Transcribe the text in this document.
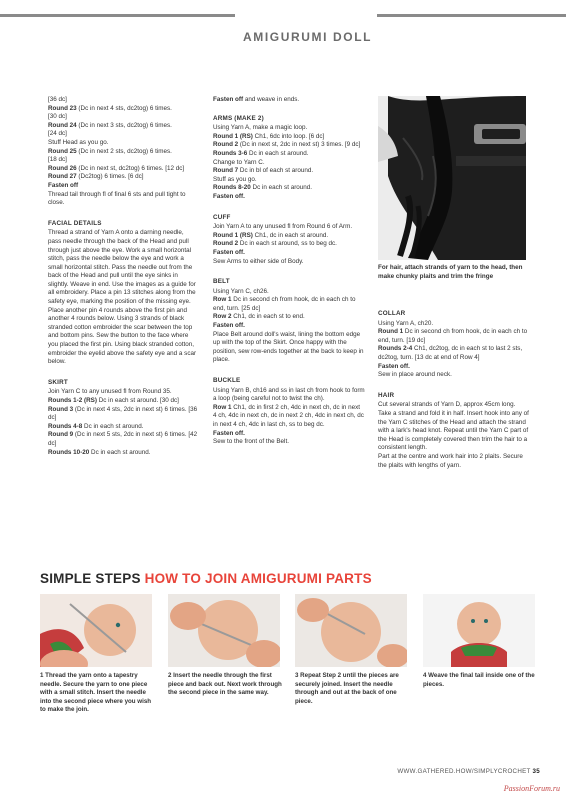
AMIGURUMI DOLL

[36 dc]

Round 23 (Dc in next 4 sts, dc2tog) 6 times.

[30 dc]

Round 24 (Dc in next 3 sts, dc2tog) 6 times.

[24 dc]

Stuff Head as you go.

Round 25 (Dc in next 2 sts, dc2tog) 6 times.

[18 dc]

Round 26 (Dc in next st, dc2tog) 6 times. [12 dc]

Round 27 (Dc2tog) 6 times. [6 dc]

Fasten off

Thread tail through fl of final 6 sts and pull tight to close.

FACIAL DETAILS

Thread a strand of Yarn A onto a darning needle, pass needle through the back of the Head and pull through just above the eye. Work a small horizontal stitch, pass the needle below the eye and work a small horizontal stitch. Pass the needle out from the back of the Head and pull until the eye sinks in slightly. Weave in end. Use the images as a guide for all embroidery. Place a pin 13 stitches along from the safety eye, marking the position of the missing eye. Place another pin 4 rounds above the first pin and another 4 rounds below. Using 3 strands of black stranded cotton embroider the scar between the top and bottom pins. Sew the button to the face where you placed the first pin. Using black stranded cotton, embroider the eyelid above the safety eye and a scar below.

SKIRT

Join Yarn C to any unused fl from Round 35.

Rounds 1-2 (RS) Dc in each st around. [30 dc]

Round 3 (Dc in next 4 sts, 2dc in next st) 6 times. [36 dc]

Rounds 4-8 Dc in each st around.

Round 9 (Dc in next 5 sts, 2dc in next st) 6 times. [42 dc]

Rounds 10-20 Dc in each st around.

Fasten off and weave in ends.

ARMS (MAKE 2)

Using Yarn A, make a magic loop.

Round 1 (RS) Ch1, 6dc into loop. [6 dc]

Round 2 (Dc in next st, 2dc in next st) 3 times. [9 dc]

Rounds 3-6 Dc in each st around.

Change to Yarn C.

Round 7 Dc in bl of each st around.

Stuff as you go.

Rounds 8-20 Dc in each st around.

Fasten off.

CUFF

Join Yarn A to any unused fl from Round 6 of Arm.

Round 1 (RS) Ch1, dc in each st around.

Round 2 Dc in each st around, ss to beg dc.

Fasten off.

Sew Arms to either side of Body.

BELT

Using Yarn C, ch26.

Row 1 Dc in second ch from hook, dc in each ch to end, turn. [25 dc]

Row 2 Ch1, dc in each st to end.

Fasten off.

Place Belt around doll's waist, lining the bottom edge up with the top of the Skirt. Once happy with the position, sew row-ends together at the back to keep in place.

BUCKLE

Using Yarn B, ch16 and ss in last ch from hook to form a loop (being careful not to twist the ch).

Row 1 Ch1, dc in first 2 ch, 4dc in next ch, dc in next 4 ch, 4dc in next ch, dc in next 2 ch, 4dc in next ch, dc in next 4 ch, 4dc in last ch, ss to beg dc.

Fasten off.

Sew to the front of the Belt.

For hair, attach strands of yarn to the head, then make chunky plaits and trim the fringe

COLLAR

Using Yarn A, ch20.

Round 1 Dc in second ch from hook, dc in each ch to end, turn. [19 dc]

Rounds 2-4 Ch1, dc2tog, dc in each st to last 2 sts, dc2tog, turn. [13 dc at end of Row 4]

Fasten off.

Sew in place around neck.

HAIR

Cut several strands of Yarn D, approx 45cm long. Take a strand and fold it in half. Insert hook into any of the Yarn C stitches of the Head and attach the strand with a lark's head knot. Repeat until the Yarn C part of the Head is completely covered then trim the hair to a consistent length.

Part at the centre and work hair into 2 plaits. Secure the plaits with lengths of yarn.

SIMPLE STEPS HOW TO JOIN AMIGURUMI PARTS
1 Thread the yarn onto a tapestry needle. Secure the yarn to one piece with a small stitch. Insert the needle into the second piece where you wish to make the join.
2 Insert the needle through the first piece and back out. Next work through the second piece in the same way.
3 Repeat Step 2 until the pieces are securely joined. Insert the needle through and out at the back of one piece.
4 Weave the final tail inside one of the pieces.
WWW.GATHERED.HOW/SIMPLYCROCHET 35
PassionForum.ru
